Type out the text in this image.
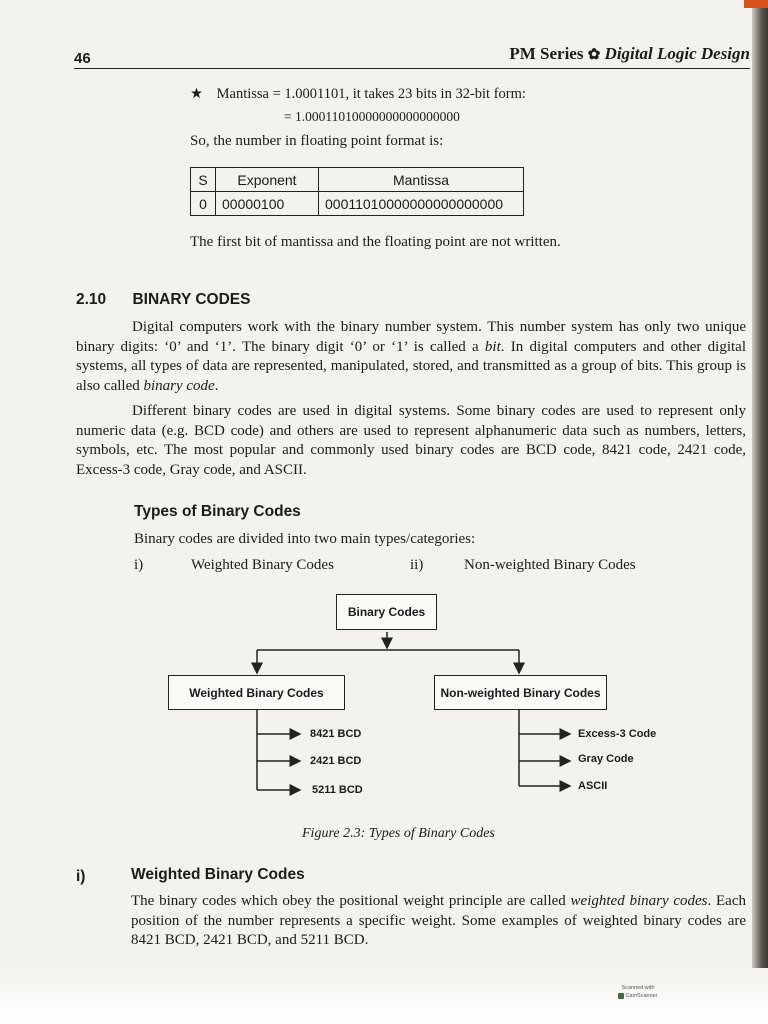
46	PM Series ✿ Digital Logic Design
★ Mantissa = 1.0001101, it takes 23 bits in 32-bit form:
= 1.00011010000000000000000
So, the number in floating point format is:
S	Exponent	Mantissa
0	00000100	00011010000000000000000
The first bit of mantissa and the floating point are not written.
2.10 BINARY CODES
Digital computers work with the binary number system. This number system has only two unique binary digits: ‘0’ and ‘1’. The binary digit ‘0’ or ‘1’ is called a bit. In digital computers and other digital systems, all types of data are represented, manipulated, stored, and transmitted as a group of bits. This group is also called binary code.
Different binary codes are used in digital systems. Some binary codes are used to represent only numeric data (e.g. BCD code) and others are used to represent alphanumeric data such as numbers, letters, symbols, etc. The most popular and commonly used binary codes are BCD code, 8421 code, 2421 code, Excess-3 code, Gray code, and ASCII.
Types of Binary Codes
Binary codes are divided into two main types/categories:
i)	Weighted Binary Codes	ii)	Non-weighted Binary Codes
Binary Codes
Weighted Binary Codes	Non-weighted Binary Codes
8421 BCD
2421 BCD
5211 BCD
Excess-3 Code
Gray Code
ASCII
Figure 2.3: Types of Binary Codes
i)	Weighted Binary Codes
The binary codes which obey the positional weight principle are called weighted binary codes. Each position of the number represents a specific weight. Some examples of weighted binary codes are 8421 BCD, 2421 BCD, and 5211 BCD.
Scanned with
CamScanner
